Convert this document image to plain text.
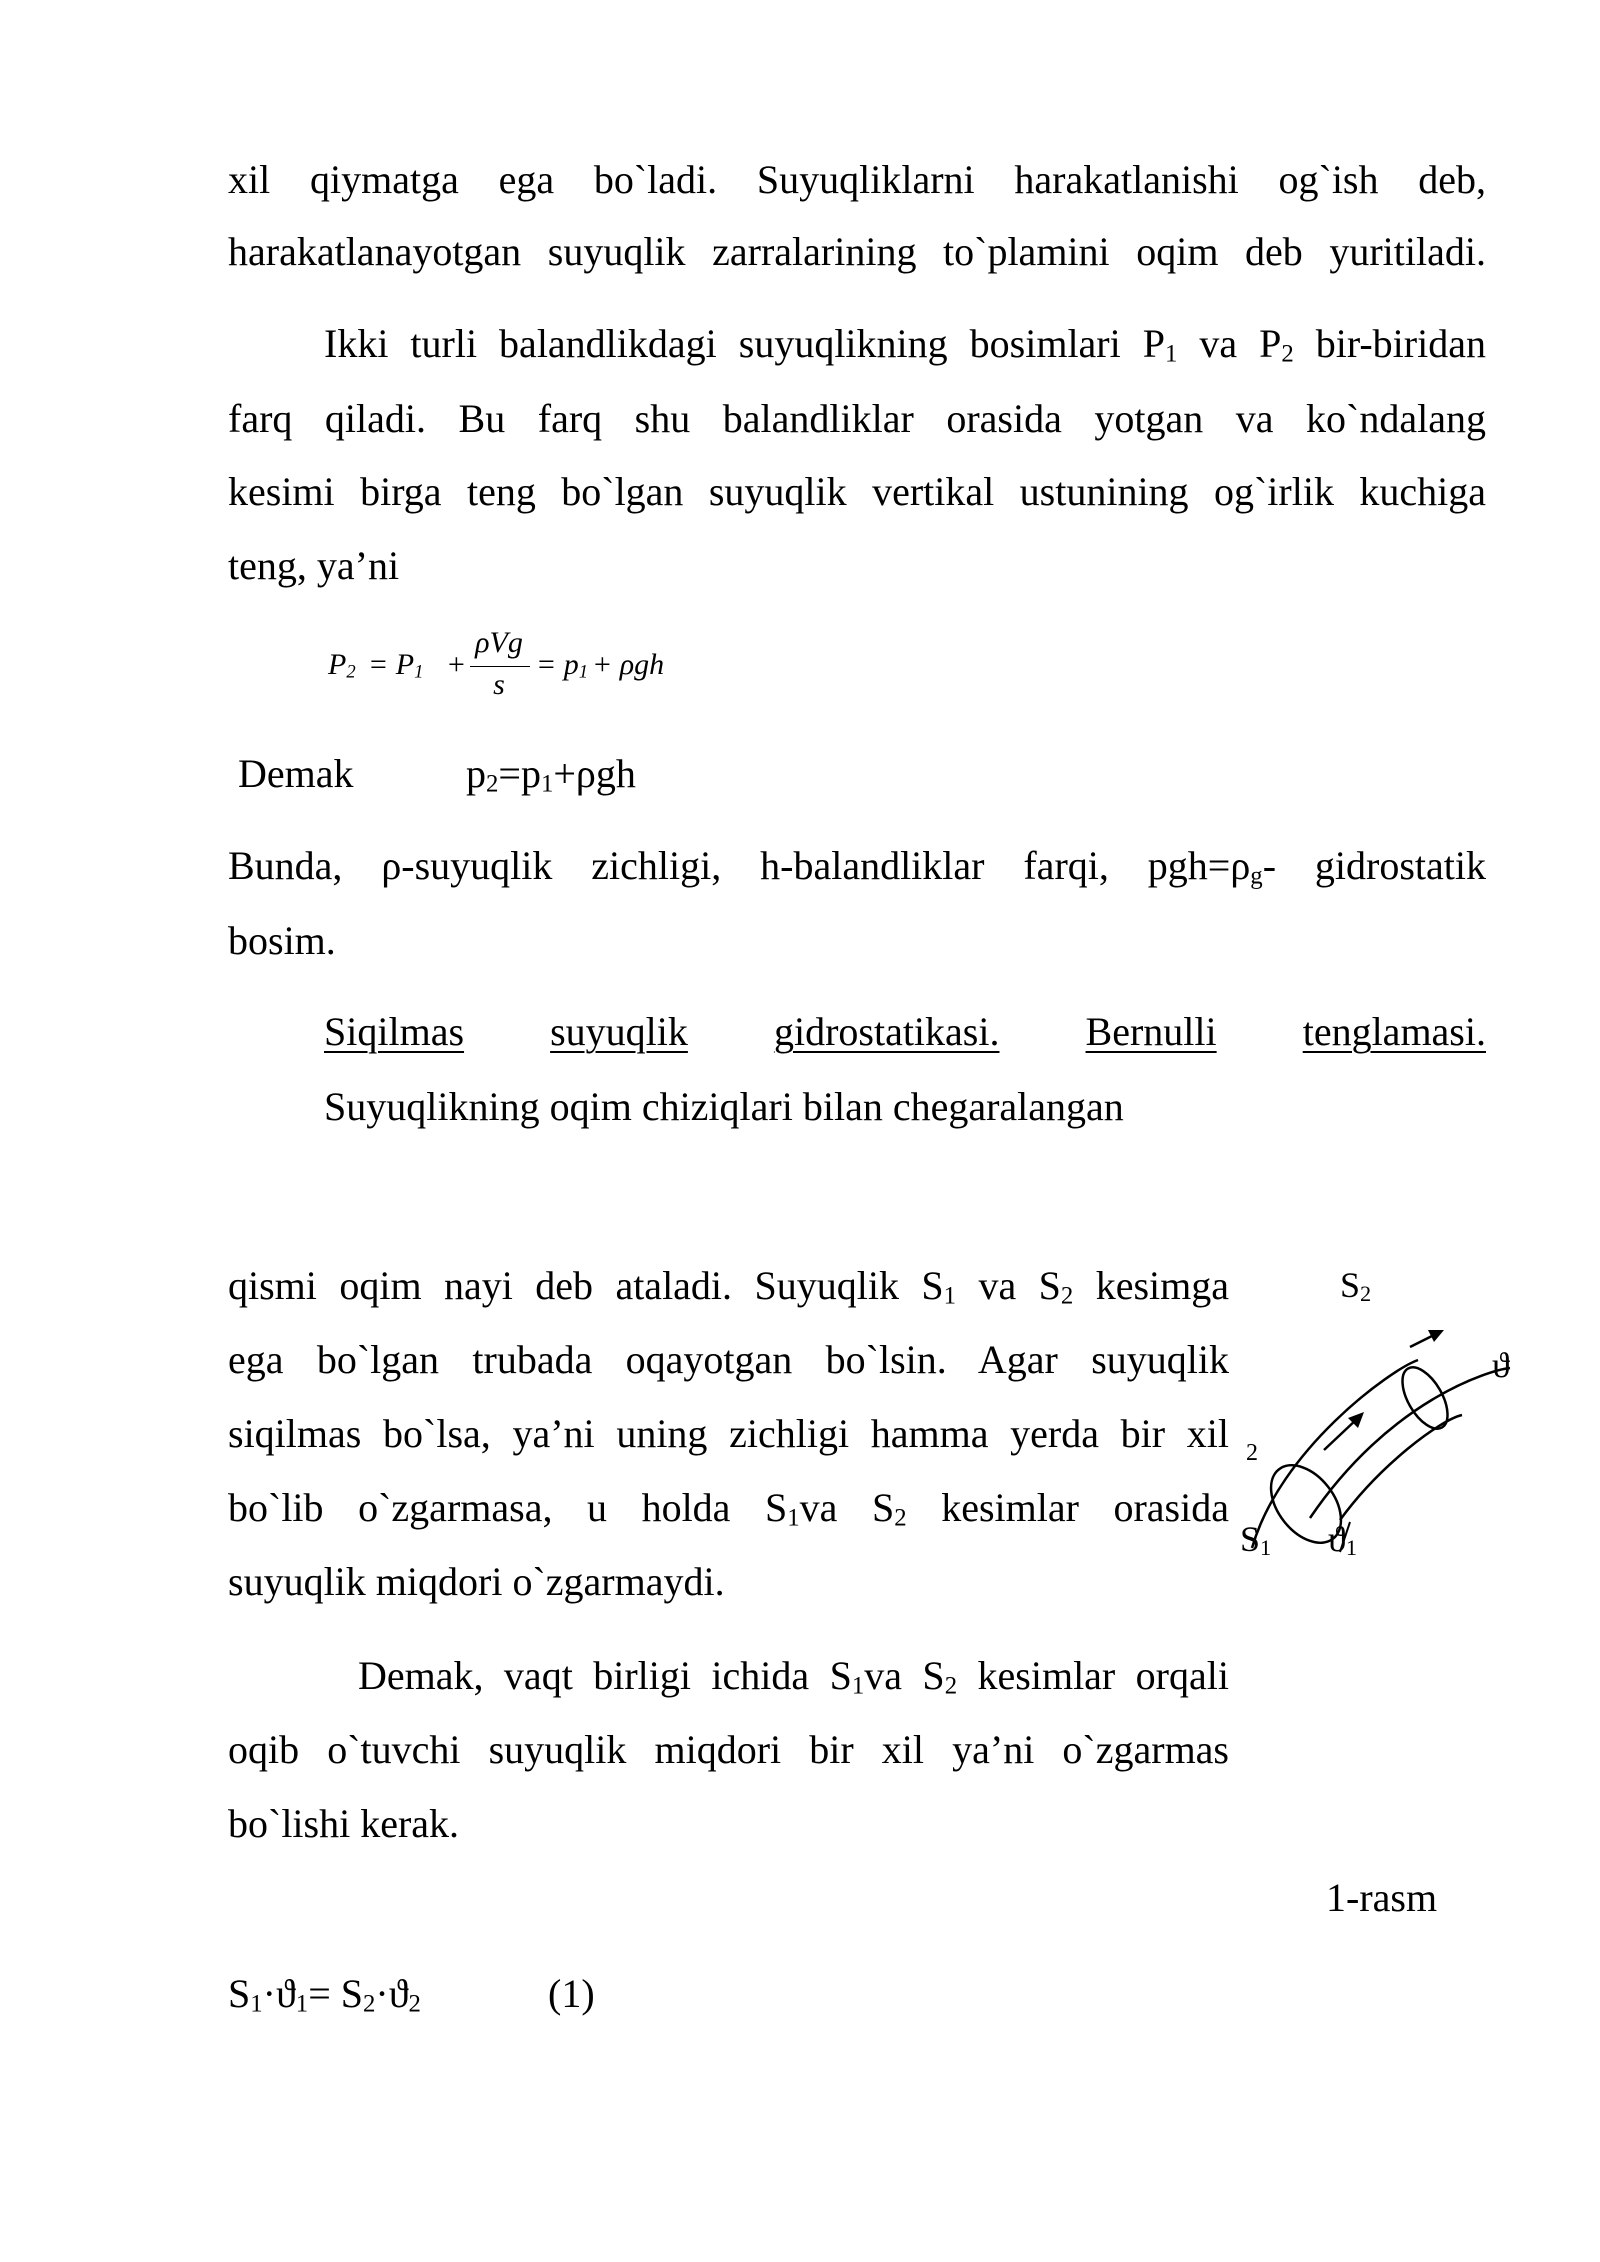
xil qiymatga ega bo`ladi. Suyuqliklarni harakatlanishi og`ish deb,
harakatlanayotgan suyuqlik zarralarining to`plamini oqim deb yuritiladi.
Ikki turli balandlikdagi suyuqlikning bosimlari $P_1$ va $P_2$ bir-biridan
farq qiladi. Bu farq shu balandliklar orasida yotgan va ko`ndalang
kesimi birga teng bo`lgan suyuqlik vertikal ustunining og`irlik kuchiga
teng, ya’ni
$P_2 = P_1$ +
ρVg
s
= $p_1 + \rho gh$
Demak	$p_2=p_1+\rho gh$
Bunda, ρ-suyuqlik zichligi, h-balandliklar farqi, $pgh=\rho_g-$ gidrostatik
bosim.
Siqilmas suyuqlik gidrostatikasi. Bernulli tenglamasi.
Suyuqlikning oqim chiziqlari bilan chegaralangan
qismi oqim nayi deb ataladi. Suyuqlik $S_1$ va $S_2$ kesimga
ega bo`lgan trubada oqayotgan bo`lsin. Agar suyuqlik
siqilmas bo`lsa, ya’ni uning zichligi hamma yerda bir xil
bo`lib o`zgarmasa, u holda $S_1va$ $S_2$ kesimlar orasida
suyuqlik miqdori o`zgarmaydi.
Demak, vaqt birligi ichida $S_1va$ $S_2$ kesimlar orqali
oqib o`tuvchi suyuqlik miqdori bir xil ya’ni o`zgarmas
bo`lishi kerak.
$S_2$
ϑ
2
$S_1$ $ϑ_1$
1-rasm
$S_1\cdot ϑ_1= S_2\cdot ϑ_2$	(1)
